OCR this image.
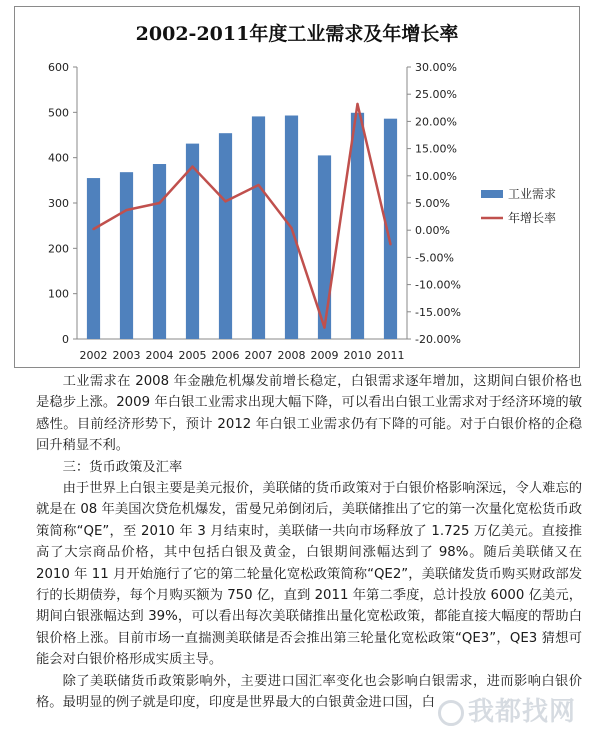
2002-2011年度工业需求及年增长率
0
100
200
300
400
500
600
-20.00%
-15.00%
-10.00%
-5.00%
0.00%
5.00%
10.00%
15.00%
20.00%
25.00%
30.00%
2002 2003 2004 2005 2006 2007 2008 2009 2010 2011
工业需求
年增长率

工业需求在 2008 年金融危机爆发前增长稳定，白银需求逐年增加，这期间白银价格也是稳步上涨。2009 年白银工业需求出现大幅下降，可以看出白银工业需求对于经济环境的敏感性。目前经济形势下，预计 2012 年白银工业需求仍有下降的可能。对于白银价格的企稳回升稍显不利。

三：货币政策及汇率

由于世界上白银主要是美元报价，美联储的货币政策对于白银价格影响深远，令人难忘的就是在 08 年美国次贷危机爆发，雷曼兄弟倒闭后，美联储推出了它的第一次量化宽松货币政策简称“QE”，至 2010 年 3 月结束时，美联储一共向市场释放了 1.725 万亿美元。直接推高了大宗商品价格，其中包括白银及黄金，白银期间涨幅达到了 98%。随后美联储又在 2010 年 11 月开始施行了它的第二轮量化宽松政策简称“QE2”，美联储发货币购买财政部发行的长期债券，每个月购买额为 750 亿，直到 2011 年第二季度，总计投放 6000 亿美元，期间白银涨幅达到 39%，可以看出每次美联储推出量化宽松政策，都能直接大幅度的帮助白银价格上涨。目前市场一直揣测美联储是否会推出第三轮量化宽松政策“QE3”，QE3 猜想可能会对白银价格形成实质主导。

除了美联储货币政策影响外，主要进口国汇率变化也会影响白银需求，进而影响白银价格。最明显的例子就是印度，印度是世界最大的白银黄金进口国，白	我都找网
